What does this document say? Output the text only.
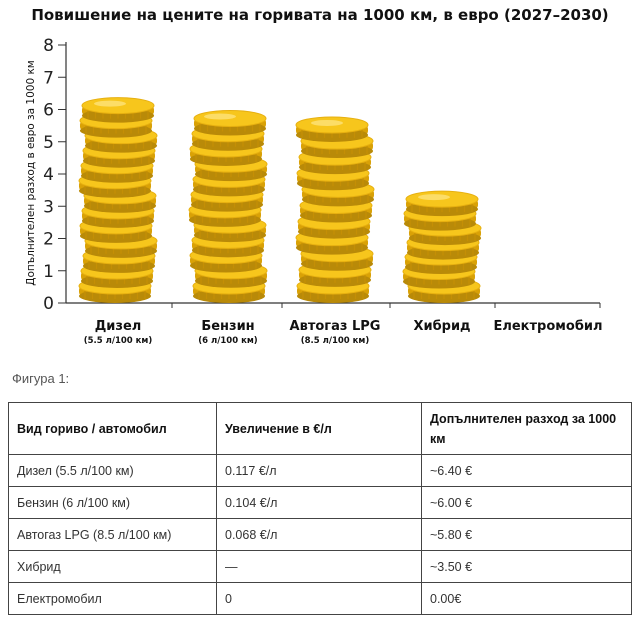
Повишение на цените на горивата на 1000 км, в евро (2027–2030)
Допълнителен разход в евро за 1000 км
0
1
2
3
4
5
6
7
8
Дизел
(5.5 л/100 км)
Бензин
(6 л/100 км)
Автогаз LPG
(8.5 л/100 км)
Хибрид Електромобил
Фигура 1:
Вид гориво / автомобил	Увеличение в €/л	Допълнителен разход за 1000 км
Дизел (5.5 л/100 км)	0.117 €/л	~6.40 €
Бензин (6 л/100 км)	0.104 €/л	~6.00 €
Автогаз LPG (8.5 л/100 км)	0.068 €/л	~5.80 €
Хибрид	—	~3.50 €
Електромобил	0	0.00€
